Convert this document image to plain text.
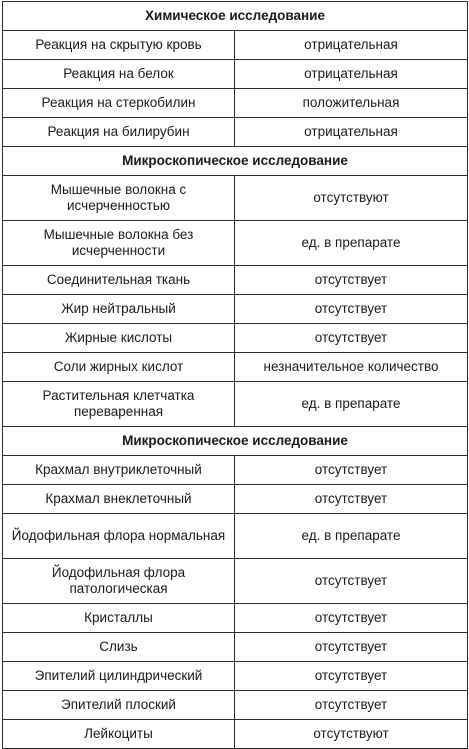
Химическое исследование	
Реакция на скрытую кровь	отрицательная
Реакция на белок	отрицательная
Реакция на стеркобилин	положительная
Реакция на билирубин	отрицательная
Микроскопическое исследование	
Мышечные волокна с исчерченностью	отсутствуют
Мышечные волокна без исчерченности	ед. в препарате
Соединительная ткань	отсутствует
Жир нейтральный	отсутствует
Жирные кислоты	отсутствует
Соли жирных кислот	незначительное количество
Растительная клетчатка переваренная	ед. в препарате
Микроскопическое исследование	
Крахмал внутриклеточный	отсутствует
Крахмал внеклеточный	отсутствует
Йодофильная флора нормальная	ед. в препарате
Йодофильная флора патологическая	отсутствует
Кристаллы	отсутствует
Слизь	отсутствует
Эпителий цилиндрический	отсутствует
Эпителий плоский	отсутствует
Лейкоциты	отсутствуют
